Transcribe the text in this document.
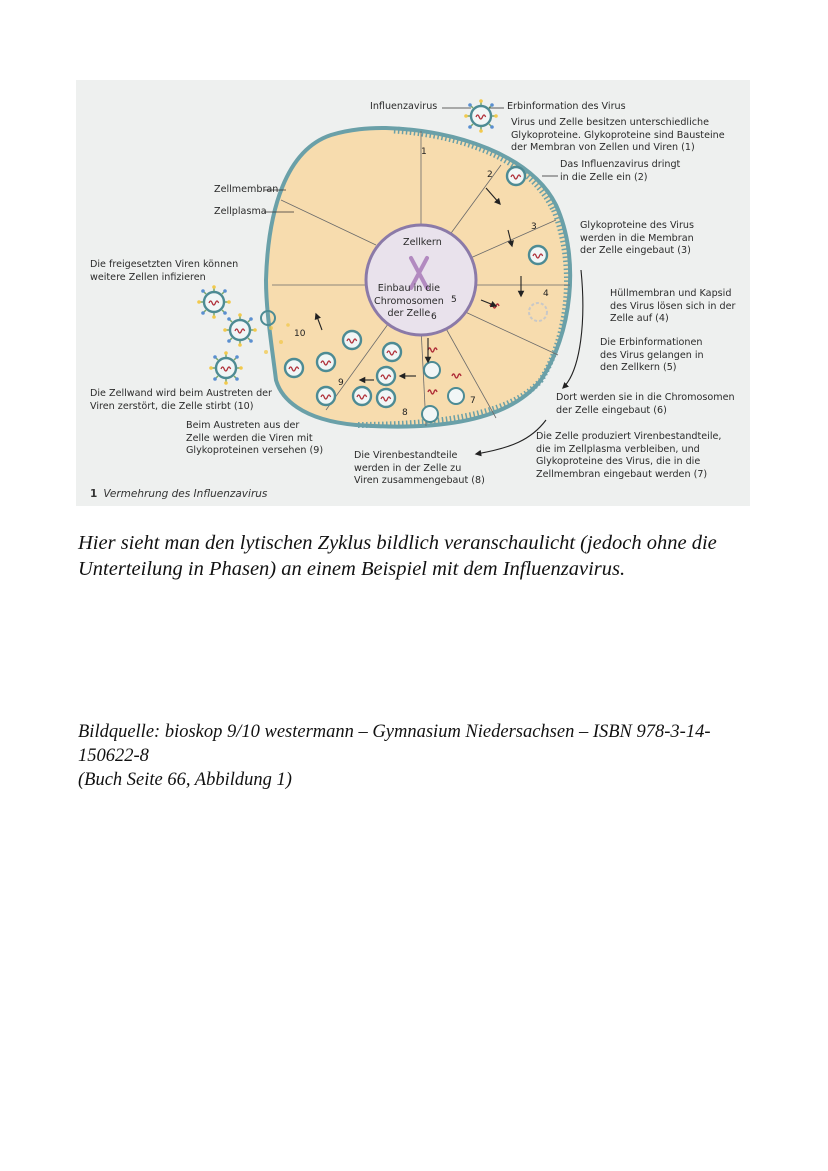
1
2
3
4
5
6
7
8
9
10
Influenzavirus	Erbinformation des Virus
Virus und Zelle besitzen unterschiedliche
Glykoproteine. Glykoproteine sind Bausteine
der Membran von Zellen und Viren (1)
Das Influenzavirus dringt
in die Zelle ein (2)
Zellmembran
Zellplasma
Glykoproteine des Virus
werden in die Membran
der Zelle eingebaut (3)
Die freigesetzten Viren können
weitere Zellen infizieren
Zellkern
Einbau in die
Chromosomen
der Zelle
Hüllmembran und Kapsid
des Virus lösen sich in der
Zelle auf (4)
Die Erbinformationen
des Virus gelangen in
den Zellkern (5)
Die Zellwand wird beim Austreten der
Viren zerstört, die Zelle stirbt (10)
Dort werden sie in die Chromosomen
der Zelle eingebaut (6)
Beim Austreten aus der
Zelle werden die Viren mit
Glykoproteinen versehen (9)
Die Zelle produziert Virenbestandteile,
die im Zellplasma verbleiben, und
Glykoproteine des Virus, die in die
Zellmembran eingebaut werden (7)
Die Virenbestandteile
werden in der Zelle zu
Viren zusammengebaut (8)
1 Vermehrung des Influenzavirus
Hier sieht man den lytischen Zyklus bildlich veranschaulicht (jedoch ohne die Unterteilung in Phasen) an einem Beispiel mit dem Influenzavirus.
Bildquelle: bioskop 9/10 westermann – Gymnasium Niedersachsen – ISBN 978-3-14-150622-8
(Buch Seite 66, Abbildung 1)
